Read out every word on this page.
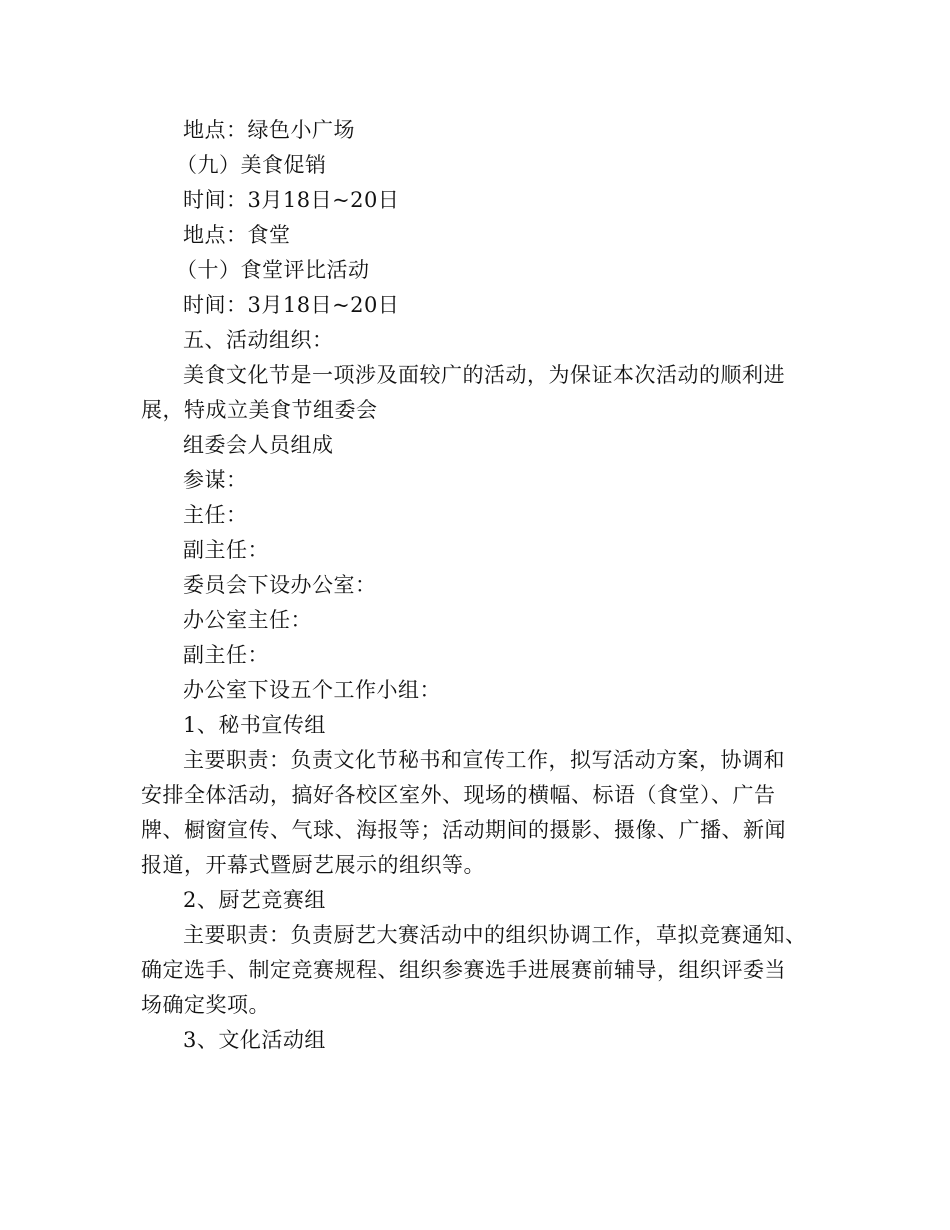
地点：绿色小广场
（九）美食促销
时间：3月18日~20日
地点：食堂
（十）食堂评比活动
时间：3月18日~20日
五、活动组织：
美食文化节是一项涉及面较广的活动，为保证本次活动的顺利进
展，特成立美食节组委会
组委会人员组成
参谋：
主任：
副主任：
委员会下设办公室：
办公室主任：
副主任：
办公室下设五个工作小组：
1、秘书宣传组
主要职责：负责文化节秘书和宣传工作，拟写活动方案，协调和
安排全体活动，搞好各校区室外、现场的横幅、标语（食堂）、广告
牌、橱窗宣传、气球、海报等；活动期间的摄影、摄像、广播、新闻
报道，开幕式暨厨艺展示的组织等。
2、厨艺竞赛组
主要职责：负责厨艺大赛活动中的组织协调工作，草拟竞赛通知、
确定选手、制定竞赛规程、组织参赛选手进展赛前辅导，组织评委当
场确定奖项。
3、文化活动组
